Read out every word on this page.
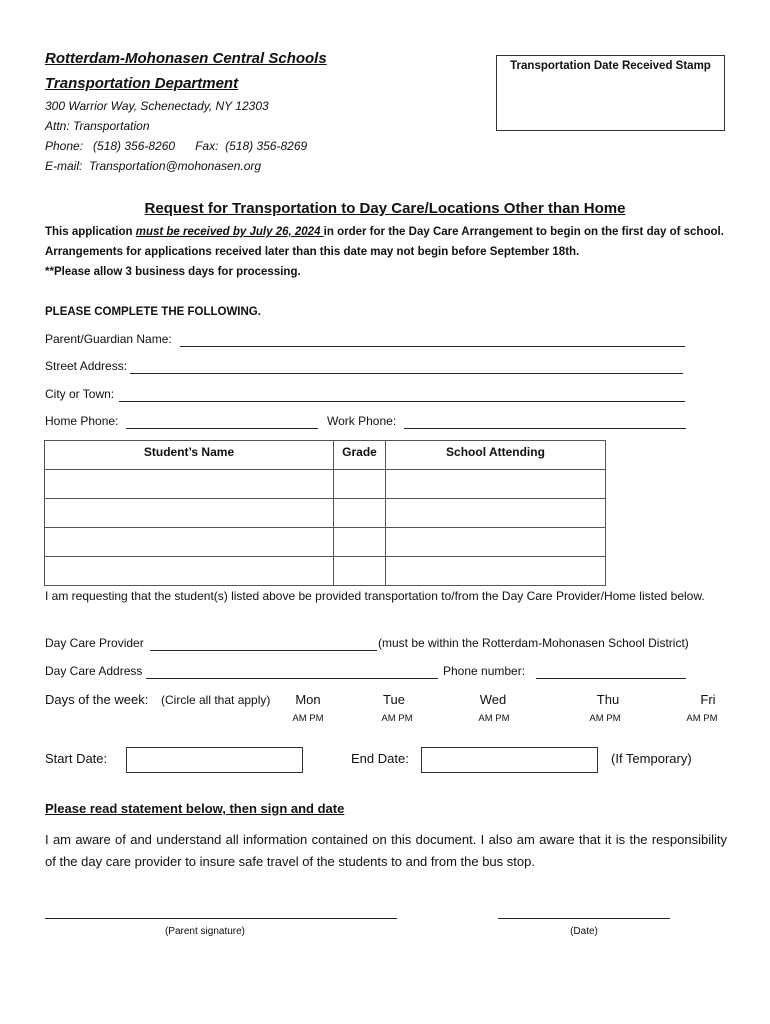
Rotterdam-Mohonasen Central Schools
Transportation Department
300 Warrior Way, Schenectady, NY 12303
Attn: Transportation
Phone:   (518) 356-8260      Fax:  (518) 356-8269
E-mail:  Transportation@mohonasen.org
Transportation Date Received Stamp
Request for Transportation to Day Care/Locations Other than Home
This application must be received by July 26, 2024 in order for the Day Care Arrangement to begin on the first day of school. Arrangements for applications received later than this date may not begin before September 18th.
**Please allow 3 business days for processing.
PLEASE COMPLETE THE FOLLOWING.
Parent/Guardian Name:
Street Address:
City or Town:
Home Phone:	Work Phone:
Student’s Name	Grade	School Attending

I am requesting that the student(s) listed above be provided transportation to/from the Day Care Provider/Home listed below.
Day Care Provider	(must be within the Rotterdam-Mohonasen School District)
Day Care Address	Phone number:
Days of the week: (Circle all that apply)	Mon
AM PM
Tue
AM PM
Wed
AM PM
Thu
AM PM
Fri
AM PM
Start Date:	End Date:	(If Temporary)
Please read statement below, then sign and date
I am aware of and understand all information contained on this document. I also am aware that it is the responsibility of the day care provider to insure safe travel of the students to and from the bus stop.
(Parent signature)	(Date)
